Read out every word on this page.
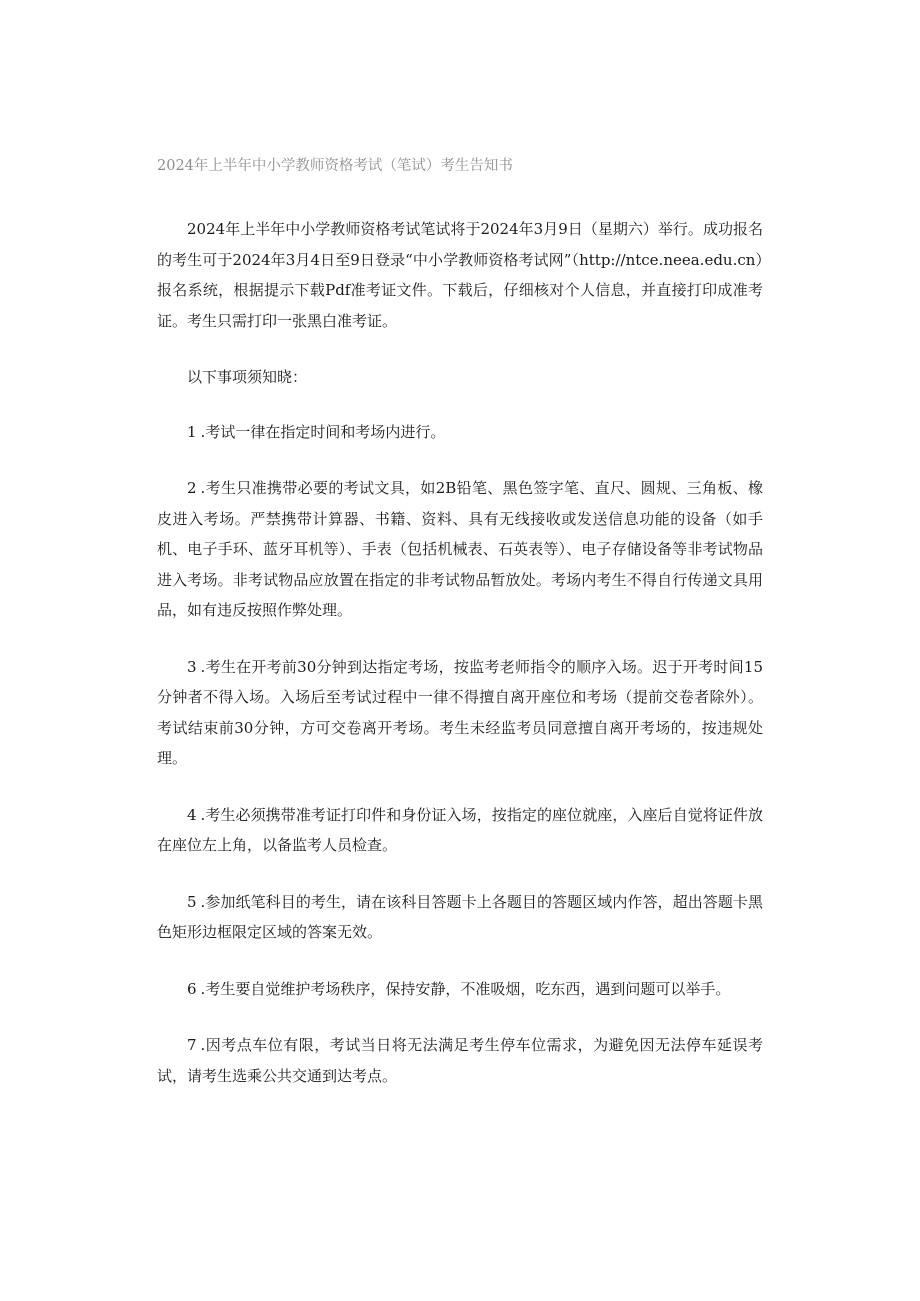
2024年上半年中小学教师资格考试（笔试）考生告知书

2024年上半年中小学教师资格考试笔试将于2024年3月9日（星期六）举行。成功报名的考生可于2024年3月4日至9日登录“中小学教师资格考试网”（http://ntce.neea.edu.cn）报名系统，根据提示下载Pdf准考证文件。下载后，仔细核对个人信息，并直接打印成准考证。考生只需打印一张黑白准考证。

以下事项须知晓：

1 .考试一律在指定时间和考场内进行。

2 .考生只准携带必要的考试文具，如2B铅笔、黑色签字笔、直尺、圆规、三角板、橡皮进入考场。严禁携带计算器、书籍、资料、具有无线接收或发送信息功能的设备（如手机、电子手环、蓝牙耳机等）、手表（包括机械表、石英表等）、电子存储设备等非考试物品进入考场。非考试物品应放置在指定的非考试物品暂放处。考场内考生不得自行传递文具用品，如有违反按照作弊处理。

3 .考生在开考前30分钟到达指定考场，按监考老师指令的顺序入场。迟于开考时间15分钟者不得入场。入场后至考试过程中一律不得擅自离开座位和考场（提前交卷者除外）。考试结束前30分钟，方可交卷离开考场。考生未经监考员同意擅自离开考场的，按违规处理。

4 .考生必须携带准考证打印件和身份证入场，按指定的座位就座，入座后自觉将证件放在座位左上角，以备监考人员检查。

5 .参加纸笔科目的考生，请在该科目答题卡上各题目的答题区域内作答，超出答题卡黑色矩形边框限定区域的答案无效。

6 .考生要自觉维护考场秩序，保持安静，不准吸烟，吃东西，遇到问题可以举手。

7 .因考点车位有限，考试当日将无法满足考生停车位需求，为避免因无法停车延误考试，请考生选乘公共交通到达考点。
